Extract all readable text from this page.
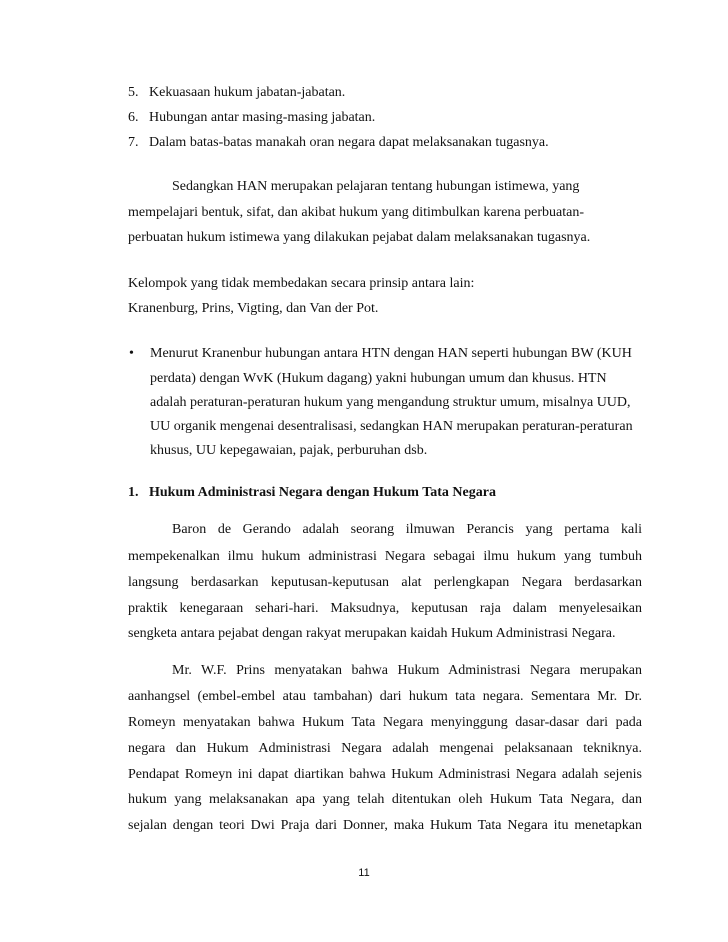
5. Kekuasaan hukum jabatan-jabatan.
6. Hubungan antar masing-masing jabatan.
7. Dalam batas-batas manakah oran negara dapat melaksanakan tugasnya.
Sedangkan HAN merupakan pelajaran tentang hubungan istimewa, yang
mempelajari bentuk, sifat, dan akibat hukum yang ditimbulkan karena perbuatan-
perbuatan hukum istimewa yang dilakukan pejabat dalam melaksanakan tugasnya.
Kelompok yang tidak membedakan secara prinsip antara lain:
Kranenburg, Prins, Vigting, dan Van der Pot.
• Menurut Kranenbur hubungan antara HTN dengan HAN seperti hubungan BW (KUH
perdata) dengan WvK (Hukum dagang) yakni hubungan umum dan khusus. HTN
adalah peraturan-peraturan hukum yang mengandung struktur umum, misalnya UUD,
UU organik mengenai desentralisasi, sedangkan HAN merupakan peraturan-peraturan
khusus, UU kepegawaian, pajak, perburuhan dsb.
1. Hukum Administrasi Negara dengan Hukum Tata Negara
Baron de Gerando adalah seorang ilmuwan Perancis yang pertama kali
mempekenalkan ilmu hukum administrasi Negara sebagai ilmu hukum yang tumbuh
langsung berdasarkan keputusan-keputusan alat perlengkapan Negara berdasarkan
praktik kenegaraan sehari-hari. Maksudnya, keputusan raja dalam menyelesaikan
sengketa antara pejabat dengan rakyat merupakan kaidah Hukum Administrasi Negara.
Mr. W.F. Prins menyatakan bahwa Hukum Administrasi Negara merupakan
aanhangsel (embel-embel atau tambahan) dari hukum tata negara. Sementara Mr. Dr.
Romeyn menyatakan bahwa Hukum Tata Negara menyinggung dasar-dasar dari pada
negara dan Hukum Administrasi Negara adalah mengenai pelaksanaan tekniknya.
Pendapat Romeyn ini dapat diartikan bahwa Hukum Administrasi Negara adalah sejenis
hukum yang melaksanakan apa yang telah ditentukan oleh Hukum Tata Negara, dan
sejalan dengan teori Dwi Praja dari Donner, maka Hukum Tata Negara itu menetapkan
11
